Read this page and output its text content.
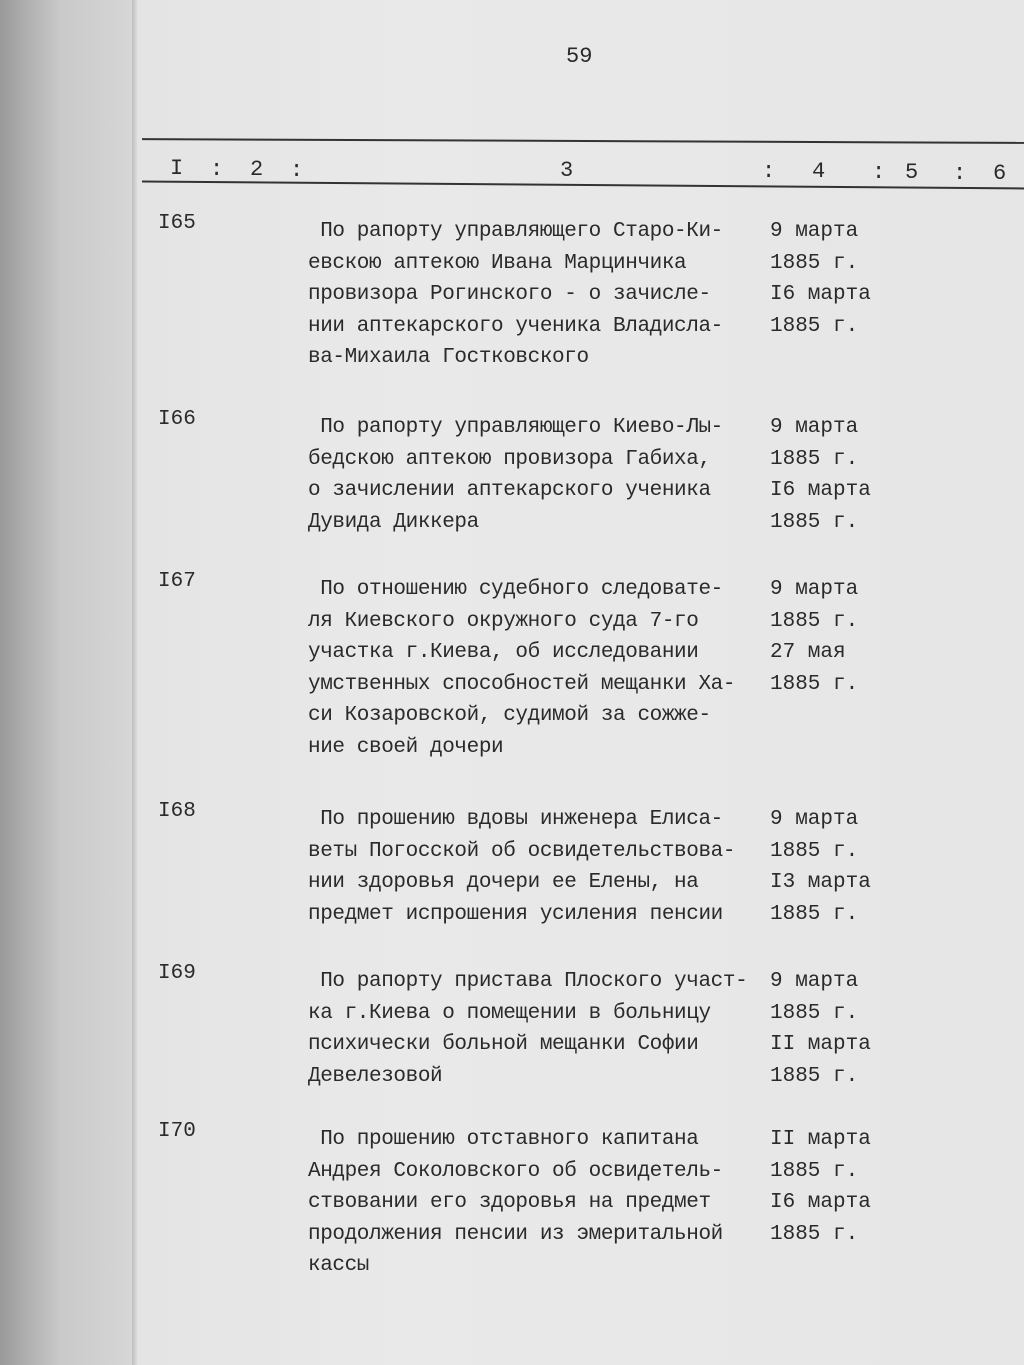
59
I : 2 :	3	: 4 : 5 : 6
I65	По рапорту управляющего Старо-Ки- 9 марта
евскою аптекою Ивана Марцинчика	1885 г.
провизора Рогинского - о зачисле-	I6 марта
нии аптекарского ученика Владисла- 1885 г.
ва-Михаила Гостковского
I66	По рапорту управляющего Киево-Лы- 9 марта
бедскою аптекою провизора Габиха,	1885 г.
о зачислении аптекарского ученика	I6 марта
Дувида Диккера	1885 г.
I67	По отношению судебного следовате- 9 марта
ля Киевского окружного суда 7-го	1885 г.
участка г.Киева, об исследовании	27 мая
умственных способностей мещанки Ха- 1885 г.
си Козаровской, судимой за сожже-
ние своей дочери
I68	По прошению вдовы инженера Елиса- 9 марта
веты Погосской об освидетельствова- 1885 г.
нии здоровья дочери ее Елены, на	I3 марта
предмет испрошения усиления пенсии 1885 г.
I69	По рапорту пристава Плоского участ- 9 марта
ка г.Киева о помещении в больницу	1885 г.
психически больной мещанки Софии	II марта
Девелезовой	1885 г.
I70	По прошению отставного капитана	II марта
Андрея Соколовского об освидетель- 1885 г.
ствовании его здоровья на предмет	I6 марта
продолжения пенсии из эмеритальной 1885 г.
кассы
